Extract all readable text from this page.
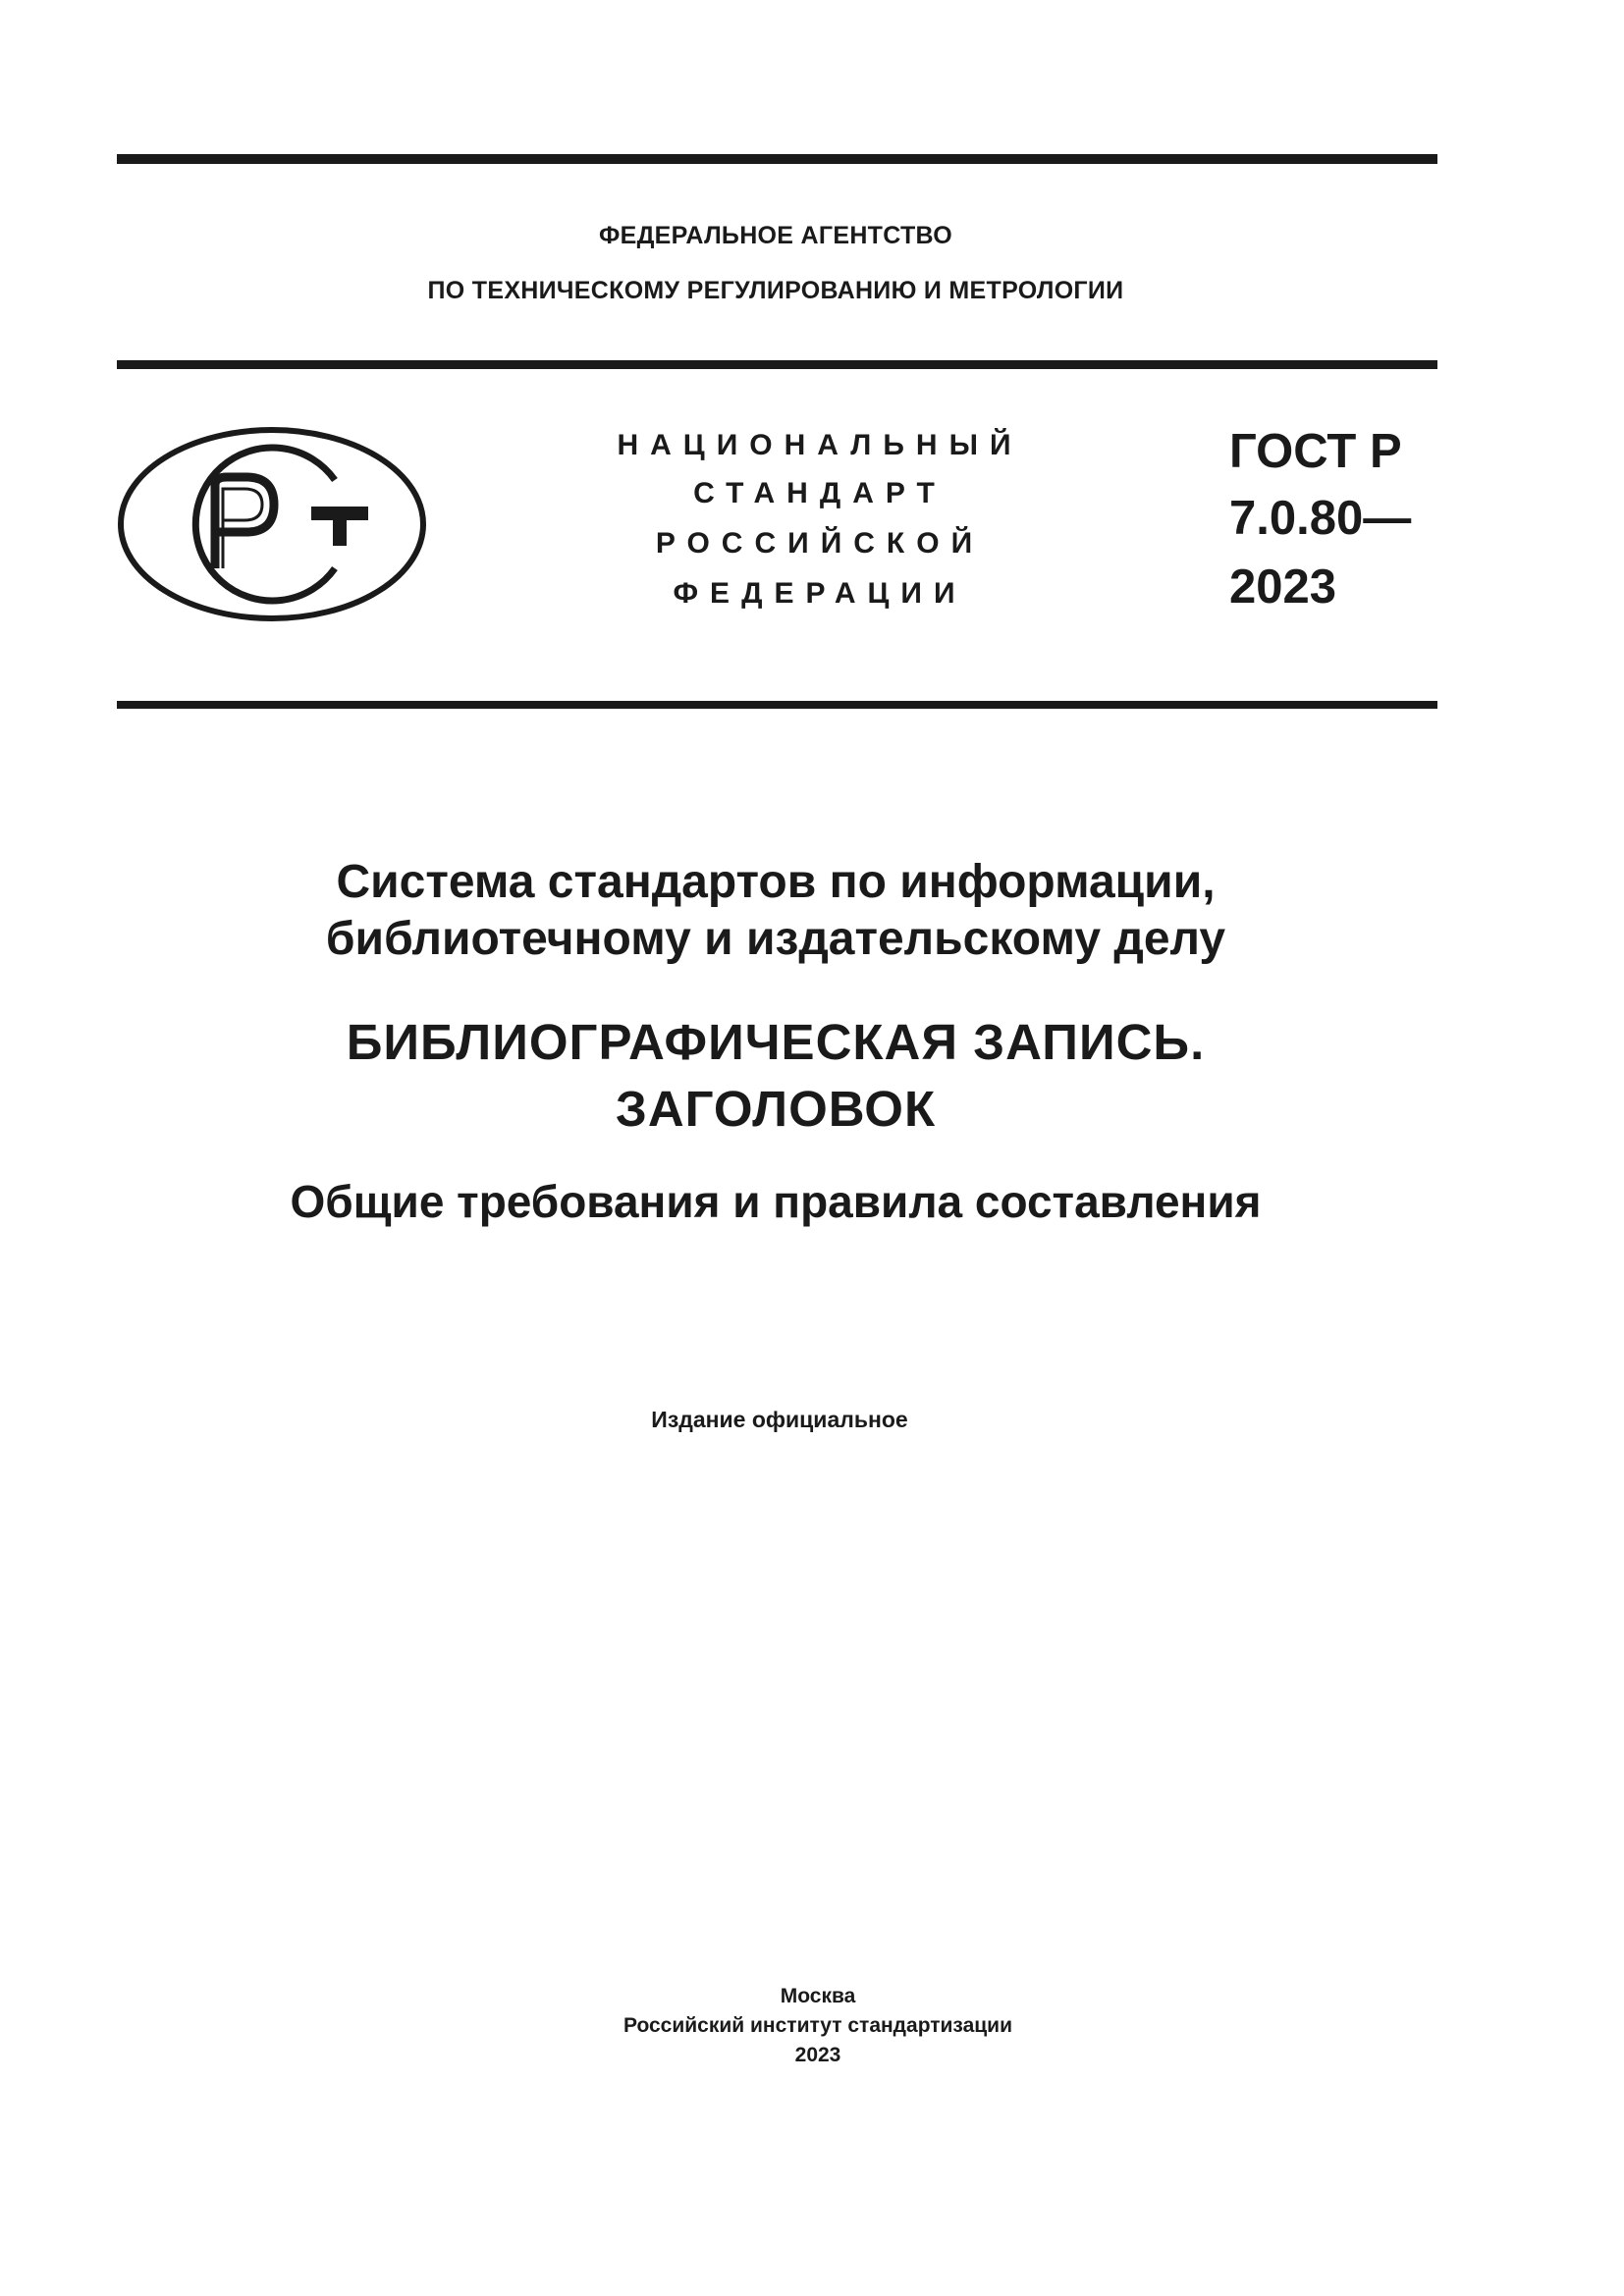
ФЕДЕРАЛЬНОЕ АГЕНТСТВО
ПО ТЕХНИЧЕСКОМУ РЕГУЛИРОВАНИЮ И МЕТРОЛОГИИ
НАЦИОНАЛЬНЫЙ
СТАНДАРТ
РОССИЙСКОЙ
ФЕДЕРАЦИИ
ГОСТ Р
7.0.80—
2023
Система стандартов по информации,
библиотечному и издательскому делу
БИБЛИОГРАФИЧЕСКАЯ ЗАПИСЬ.
ЗАГОЛОВОК
Общие требования и правила составления
Издание официальное
Москва
Российский институт стандартизации
2023
